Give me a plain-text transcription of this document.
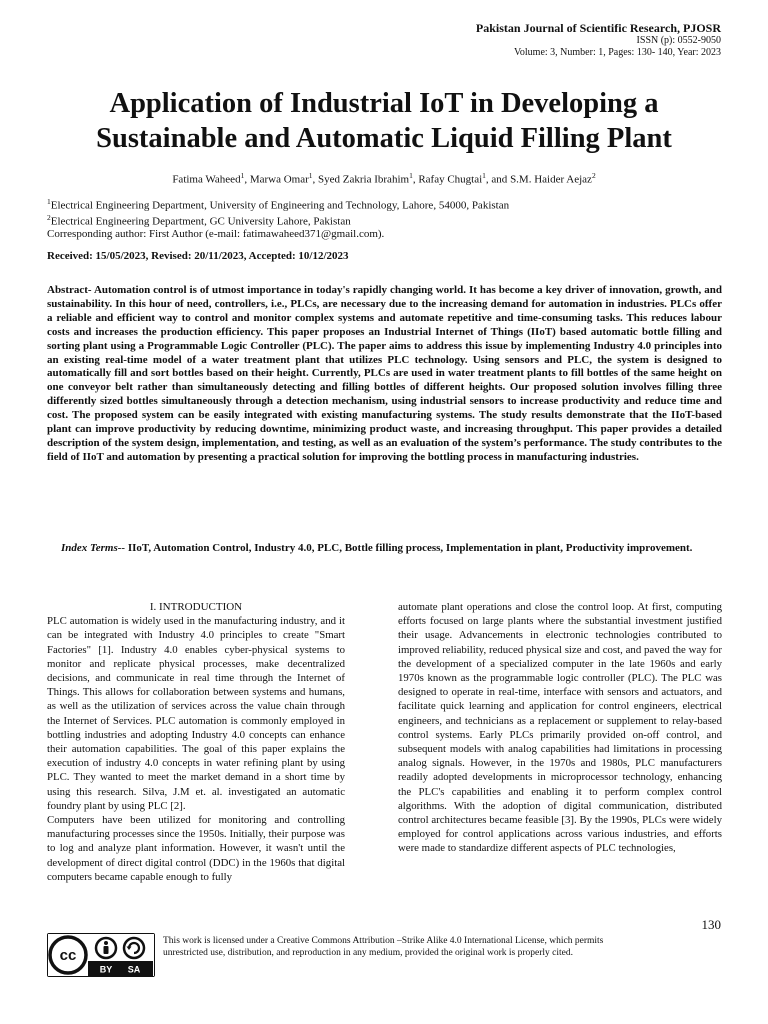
Pakistan Journal of Scientific Research, PJOSR
ISSN (p): 0552-9050
Volume: 3, Number: 1, Pages: 130- 140, Year: 2023
Application of Industrial IoT in Developing a Sustainable and Automatic Liquid Filling Plant
Fatima Waheed$^1$, Marwa Omar$^1$, Syed Zakria Ibrahim$^1$, Rafay Chugtai$^1$, and S.M. Haider Aejaz$^2$
$^1$Electrical Engineering Department, University of Engineering and Technology, Lahore, 54000, Pakistan
$^2$Electrical Engineering Department, GC University Lahore, Pakistan
Corresponding author: First Author (e-mail: fatimawaheed371@gmail.com).
Received: 15/05/2023, Revised: 20/11/2023, Accepted: 10/12/2023

Abstract- Automation control is of utmost importance in today's rapidly changing world. It has become a key driver of innovation, growth, and sustainability. In this hour of need, controllers, i.e., PLCs, are necessary due to the increasing demand for automation in industries. PLCs offer a reliable and efficient way to control and monitor complex systems and automate repetitive and time-consuming tasks. This reduces labour costs and increases the production efficiency. This paper proposes an Industrial Internet of Things (IIoT) based automatic bottle filling and sorting plant using a Programmable Logic Controller (PLC). The paper aims to address this issue by implementing Industry 4.0 principles into an existing real-time model of a water treatment plant that utilizes PLC technology. Using sensors and PLC, the system is designed to automatically fill and sort bottles based on their height. Currently, PLCs are used in water treatment plants to fill bottles of the same height on one conveyor belt rather than simultaneously detecting and filling bottles of different heights. Our proposed solution involves filling three differently sized bottles simultaneously through a detection mechanism, using industrial sensors to increase productivity and reduce time and cost. The proposed system can be easily integrated with existing manufacturing systems. The study results demonstrate that the IIoT-based plant can improve productivity by reducing downtime, minimizing product waste, and increasing throughput. This paper provides a detailed description of the system design, implementation, and testing, as well as an evaluation of the system’s performance. The study contributes to the field of IIoT and automation by presenting a practical solution for improving the bottling process in manufacturing industries.

Index Terms-- IIoT, Automation Control, Industry 4.0, PLC, Bottle filling process, Implementation in plant, Productivity improvement.

I. INTRODUCTION

PLC automation is widely used in the manufacturing industry, and it can be integrated with Industry 4.0 principles to create "Smart Factories" [1]. Industry 4.0 enables cyber-physical systems to monitor and replicate physical processes, make decentralized decisions, and communicate in real time through the Internet of Things. This allows for collaboration between systems and humans, as well as the utilization of services across the value chain through the Internet of Services. PLC automation is commonly employed in bottling industries and adopting Industry 4.0 concepts can enhance their automation capabilities. The goal of this paper explains the execution of industry 4.0 concepts in water refining plant by using PLC. They wanted to meet the market demand in a short time by using this research. Silva, J.M et. al. investigated an automatic foundry plant by using PLC [2].

Computers have been utilized for monitoring and controlling manufacturing processes since the 1950s. Initially, their purpose was to log and analyze plant information. However, it wasn't until the development of direct digital control (DDC) in the 1960s that digital computers became capable enough to fully

automate plant operations and close the control loop. At first, computing efforts focused on large plants where the substantial investment justified their usage. Advancements in electronic technologies contributed to improved reliability, reduced physical size and cost, and paved the way for the development of a specialized computer in the late 1960s and early 1970s known as the programmable logic controller (PLC). The PLC was designed to operate in real-time, interface with sensors and actuators, and facilitate quick learning and application for control engineers, electrical engineers, and technicians as a replacement or supplement to relay-based control systems. Early PLCs primarily provided on-off control, and subsequent models with analog capabilities had limitations in processing analog signals. However, in the 1970s and 1980s, PLC manufacturers readily adopted developments in microprocessor technology, enhancing the PLC's capabilities and enabling it to perform complex control algorithms. With the adoption of digital communication, distributed control architectures became feasible [3]. By the 1990s, PLCs were widely employed for control applications across various industries, and efforts were made to standardize different aspects of PLC technologies,

130
cc
BY SA
This work is licensed under a Creative Commons Attribution –Strike Alike 4.0 International License, which permits unrestricted use, distribution, and reproduction in any medium, provided the original work is properly cited.
